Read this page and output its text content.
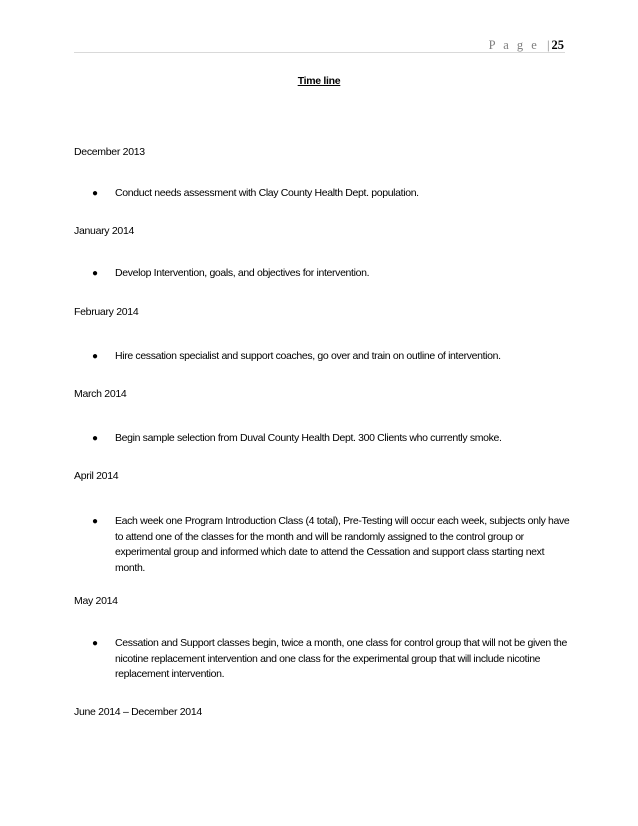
P a g e | 25
Time line
December 2013
● Conduct needs assessment with Clay County Health Dept. population.
January 2014
● Develop Intervention, goals, and objectives for intervention.
February 2014
● Hire cessation specialist and support coaches, go over and train on outline of intervention.
March 2014
● Begin sample selection from Duval County Health Dept. 300 Clients who currently smoke.
April 2014
● Each week one Program Introduction Class (4 total), Pre-Testing will occur each week, subjects only have to attend one of the classes for the month and will be randomly assigned to the control group or experimental group and informed which date to attend the Cessation and support class starting next month.
May 2014
● Cessation and Support classes begin, twice a month, one class for control group that will not be given the nicotine replacement intervention and one class for the experimental group that will include nicotine replacement intervention.
June 2014 – December 2014
